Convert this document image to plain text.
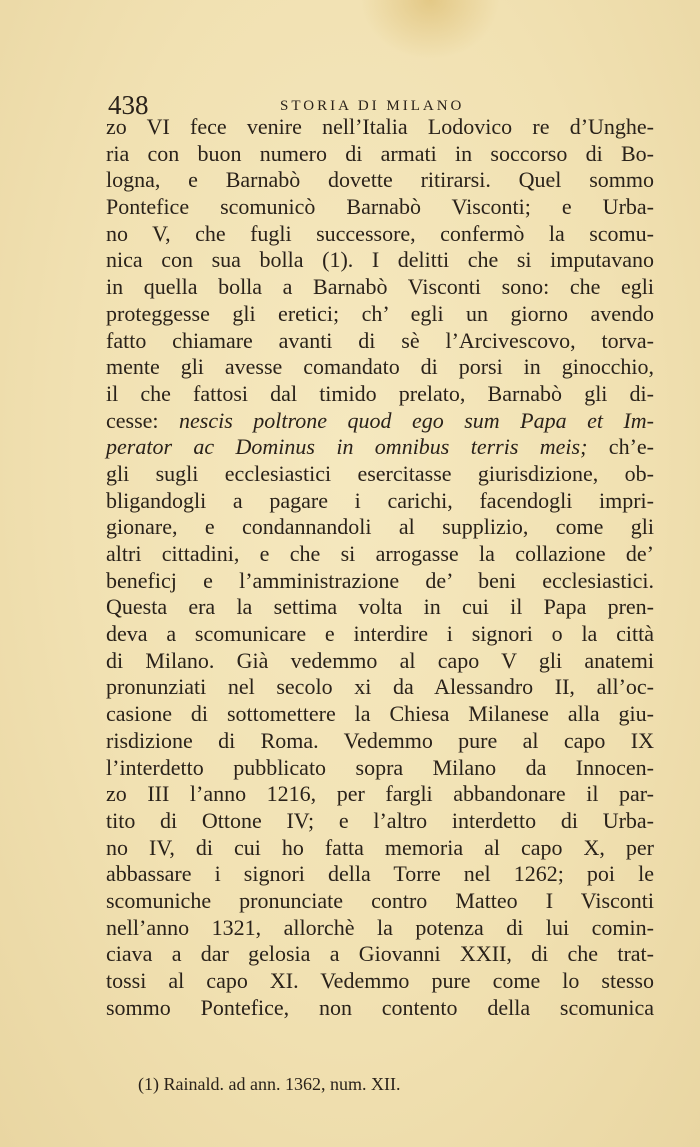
438	STORIA DI MILANO
zo VI fece venire nell’Italia Lodovico re d’Unghe-
ria con buon numero di armati in soccorso di Bo-
logna, e Barnabò dovette ritirarsi. Quel sommo
Pontefice scomunicò Barnabò Visconti; e Urba-
no V, che fugli successore, confermò la scomu-
nica con sua bolla (1). I delitti che si imputavano
in quella bolla a Barnabò Visconti sono: che egli
proteggesse gli eretici; ch’ egli un giorno avendo
fatto chiamare avanti di sè l’Arcivescovo, torva-
mente gli avesse comandato di porsi in ginocchio,
il che fattosi dal timido prelato, Barnabò gli di-
cesse: nescis poltrone quod ego sum Papa et Im-
perator ac Dominus in omnibus terris meis; ch’e-
gli sugli ecclesiastici esercitasse giurisdizione, ob-
bligandogli a pagare i carichi, facendogli impri-
gionare, e condannandoli al supplizio, come gli
altri cittadini, e che si arrogasse la collazione de’
beneficj e l’amministrazione de’ beni ecclesiastici.
Questa era la settima volta in cui il Papa pren-
deva a scomunicare e interdire i signori o la città
di Milano. Già vedemmo al capo V gli anatemi
pronunziati nel secolo xi da Alessandro II, all’oc-
casione di sottomettere la Chiesa Milanese alla giu-
risdizione di Roma. Vedemmo pure al capo IX
l’interdetto pubblicato sopra Milano da Innocen-
zo III l’anno 1216, per fargli abbandonare il par-
tito di Ottone IV; e l’altro interdetto di Urba-
no IV, di cui ho fatta memoria al capo X, per
abbassare i signori della Torre nel 1262; poi le
scomuniche pronunciate contro Matteo I Visconti
nell’anno 1321, allorchè la potenza di lui comin-
ciava a dar gelosia a Giovanni XXII, di che trat-
tossi al capo XI. Vedemmo pure come lo stesso
sommo Pontefice, non contento della scomunica
(1) Rainald. ad ann. 1362, num. XII.
